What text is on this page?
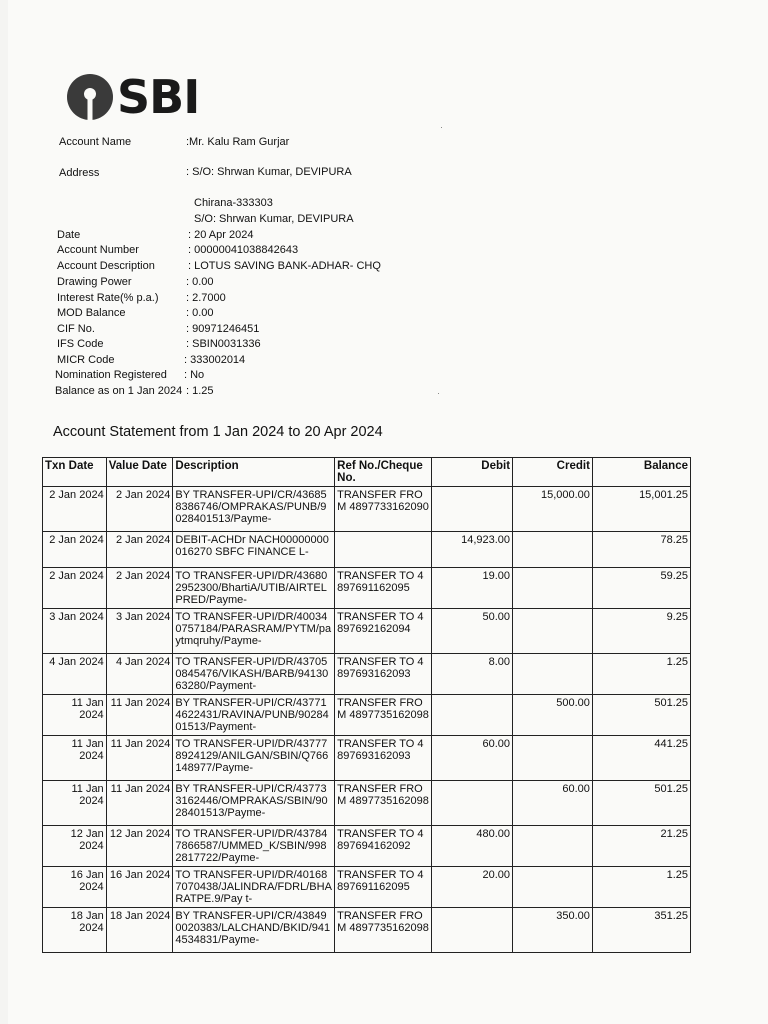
SBI
Account Name	:Mr. Kalu Ram Gurjar
Address	: S/O: Shrwan Kumar, DEVIPURA
Chirana-333303
S/O: Shrwan Kumar, DEVIPURA
Date	: 20 Apr 2024
Account Number	: 00000041038842643
Account Description	: LOTUS SAVING BANK-ADHAR- CHQ
Drawing Power	: 0.00
Interest Rate(% p.a.)	: 2.7000
MOD Balance	: 0.00
CIF No.	: 90971246451
IFS Code	: SBIN0031336
MICR Code	: 333002014
Nomination Registered : No
Balance as on 1 Jan 2024 : 1.25
Account Statement from 1 Jan 2024 to 20 Apr 2024
Txn Date	Value Date	Description	Ref No./Cheque No.	Debit	Credit	Balance
2 Jan 2024	2 Jan 2024	BY TRANSFER-UPI/CR/436858386746/OMPRAKAS/PUNB/9028401513/Payme-	TRANSFER FROM 4897733162090		15,000.00	15,001.25
2 Jan 2024	2 Jan 2024	DEBIT-ACHDr NACH00000000016270 SBFC FINANCE L-		14,923.00		78.25
2 Jan 2024	2 Jan 2024	TO TRANSFER-UPI/DR/436802952300/BhartiA/UTIB/AIRTELPRED/Payme-	TRANSFER TO 4897691162095	19.00		59.25
3 Jan 2024	3 Jan 2024	TO TRANSFER-UPI/DR/400340757184/PARASRAM/PYTM/paytmqruhy/Payme-	TRANSFER TO 4897692162094	50.00		9.25
4 Jan 2024	4 Jan 2024	TO TRANSFER-UPI/DR/437050845476/VIKASH/BARB/9413063280/Payment-	TRANSFER TO 4897693162093	8.00		1.25
11 Jan 2024	11 Jan 2024	BY TRANSFER-UPI/CR/437714622431/RAVINA/PUNB/9028401513/Payment-	TRANSFER FROM 4897735162098		500.00	501.25
11 Jan 2024	11 Jan 2024	TO TRANSFER-UPI/DR/437778924129/ANILGAN/SBIN/Q766148977/Payme-	TRANSFER TO 4897693162093	60.00		441.25
11 Jan 2024	11 Jan 2024	BY TRANSFER-UPI/CR/437733162446/OMPRAKAS/SBIN/9028401513/Payme-	TRANSFER FROM 4897735162098		60.00	501.25
12 Jan 2024	12 Jan 2024	TO TRANSFER-UPI/DR/437847866587/UMMED_K/SBIN/9982817722/Payme-	TRANSFER TO 4897694162092	480.00		21.25
16 Jan 2024	16 Jan 2024	TO TRANSFER-UPI/DR/401687070438/JALINDRA/FDRL/BHARATPE.9/Pay t-	TRANSFER TO 4897691162095	20.00		1.25
18 Jan 2024	18 Jan 2024	BY TRANSFER-UPI/CR/438490020383/LALCHAND/BKID/9414534831/Payme-	TRANSFER FROM 4897735162098		350.00	351.25
·
·
